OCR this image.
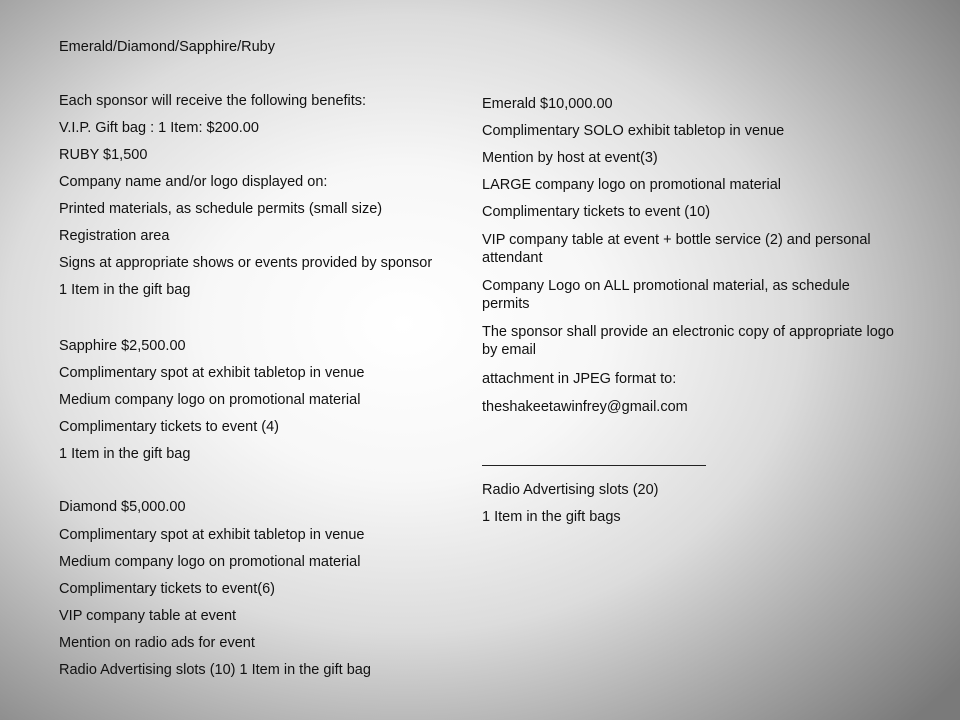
Emerald/Diamond/Sapphire/Ruby
Each sponsor will receive the following benefits:
V.I.P. Gift bag : 1 Item: $200.00
RUBY $1,500
Company name and/or logo displayed on:
Printed materials, as schedule permits (small size)
Registration area
Signs at appropriate shows or events provided by sponsor
1 Item in the gift bag
Sapphire $2,500.00
Complimentary spot at exhibit tabletop in venue
Medium company logo on promotional material
Complimentary tickets to event (4)
1 Item in the gift bag
Diamond $5,000.00
Complimentary spot at exhibit tabletop in venue
Medium company logo on promotional material
Complimentary tickets to event(6)
VIP company table at event
Mention on radio ads for event
Radio Advertising slots (10) 1 Item in the gift bag
Emerald $10,000.00
Complimentary SOLO exhibit tabletop in venue
Mention by host at event(3)
LARGE company logo on promotional material
Complimentary tickets to event (10)
VIP company table at event + bottle service (2) and personal attendant
Company Logo on ALL promotional material, as schedule permits
The sponsor shall provide an electronic copy of appropriate logo by email
attachment in JPEG format to:
theshakeetawinfrey@gmail.com
Radio Advertising slots (20)
1 Item in the gift bags
